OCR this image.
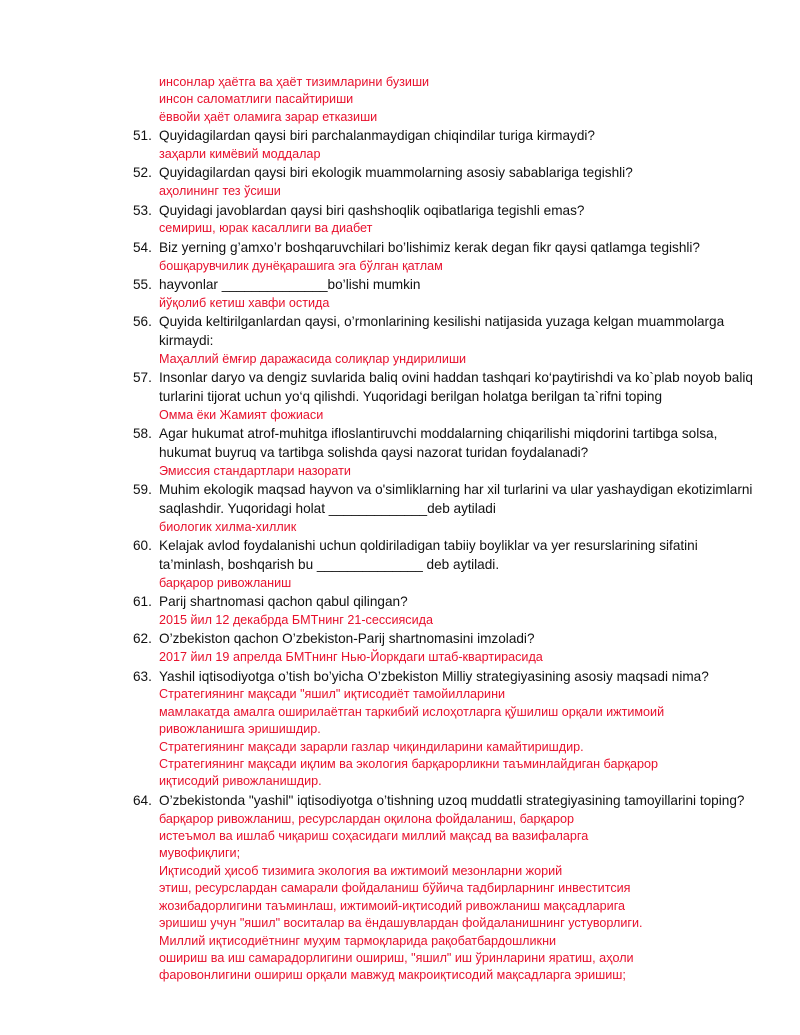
инсонлар ҳаётга ва ҳаёт тизимларини бузиши
инсон саломатлиги пасайтириши
ёввойи ҳаёт оламига зарар етказиши
51. Quyidagilardan qaysi biri parchalanmaydigan chiqindilar turiga kirmaydi?
заҳарли кимёвий моддалар
52. Quyidagilardan qaysi biri ekologik muammolarning asosiy sabablariga tegishli?
аҳолининг тез ўсиши
53. Quyidagi javoblardan qaysi biri qashshoqlik oqibatlariga tegishli emas?
семириш, юрак касаллиги ва диабет
54. Biz yerning g’amxo’r boshqaruvchilari bo’lishimiz kerak degan fikr qaysi qatlamga tegishli?
бошқарувчилик дунёқарашига эга бўлган қатлам
55. hayvonlar ______________bo’lishi mumkin
йўқолиб кетиш хавфи остида
56. Quyida keltirilganlardan qaysi, o’rmonlarining kesilishi natijasida yuzaga kelgan muammolarga
kirmaydi:
Маҳаллий ёмғир даражасида солиқлар ундирилиши
57. Insonlar daryo va dengiz suvlarida baliq ovini haddan tashqari ko‘paytirishdi va ko`plab noyob baliq
turlarini tijorat uchun yo‘q qilishdi. Yuqoridagi berilgan holatga berilgan ta`rifni toping
Омма ёки Жамият фожиаси
58. Agar hukumat atrof-muhitga ifloslantiruvchi moddalarning chiqarilishi miqdorini tartibga solsa,
hukumat buyruq va tartibga solishda qaysi nazorat turidan foydalanadi?
Эмиссия стандартлари назорати
59. Muhim ekologik maqsad hayvon va o'simliklarning har xil turlarini va ular yashaydigan ekotizimlarni
saqlashdir. Yuqoridagi holat _____________deb aytiladi
биологик хилма-хиллик
60. Kelajak avlod foydalanishi uchun qoldiriladigan tabiiy boyliklar va yer resurslarining sifatini
ta’minlash, boshqarish bu ______________ deb aytiladi.
барқарор ривожланиш
61. Parij shartnomasi qachon qabul qilingan?
2015 йил 12 декабрда БМТнинг 21-сессиясида
62. O’zbekiston qachon O’zbekiston-Parij shartnomasini imzoladi?
2017 йил 19 апрелда БМТнинг Нью-Йоркдаги штаб-квартирасида
63. Yashil iqtisodiyotga o’tish bo’yicha O’zbekiston Milliy strategiyasining asosiy maqsadi nima?
Стратегиянинг мақсади "яшил" иқтисодиёт тамойилларини
мамлакатда амалга оширилаётган таркибий ислоҳотларга қўшилиш орқали ижтимоий
ривожланишга эришишдир.
Стратегиянинг мақсади зарарли газлар чиқиндиларини камайтиришдир.
Стратегиянинг мақсади иқлим ва экология барқарорликни таъминлайдиган барқарор
иқтисодий ривожланишдир.
64. O’zbekistonda "yashil" iqtisodiyotga o’tishning uzoq muddatli strategiyasining tamoyillarini toping?
барқарор ривожланиш, ресурслардан оқилона фойдаланиш, барқарор
истеъмол ва ишлаб чиқариш соҳасидаги миллий мақсад ва вазифаларга
мувофиқлиги;
Иқтисодий ҳисоб тизимига экология ва ижтимоий мезонларни жорий
этиш, ресурслардан самарали фойдаланиш бўйича тадбирларнинг инвеститсия
жозибадорлигини таъминлаш, ижтимоий-иқтисодий ривожланиш мақсадларига
эришиш учун "яшил" воситалар ва ёндашувлардан фойдаланишнинг устуворлиги.
Миллий иқтисодиётнинг муҳим тармоқларида рақобатбардошликни
ошириш ва иш самарадорлигини ошириш, "яшил" иш ўринларини яратиш, аҳоли
фаровонлигини ошириш орқали мавжуд макроиқтисодий мақсадларга эришиш;
